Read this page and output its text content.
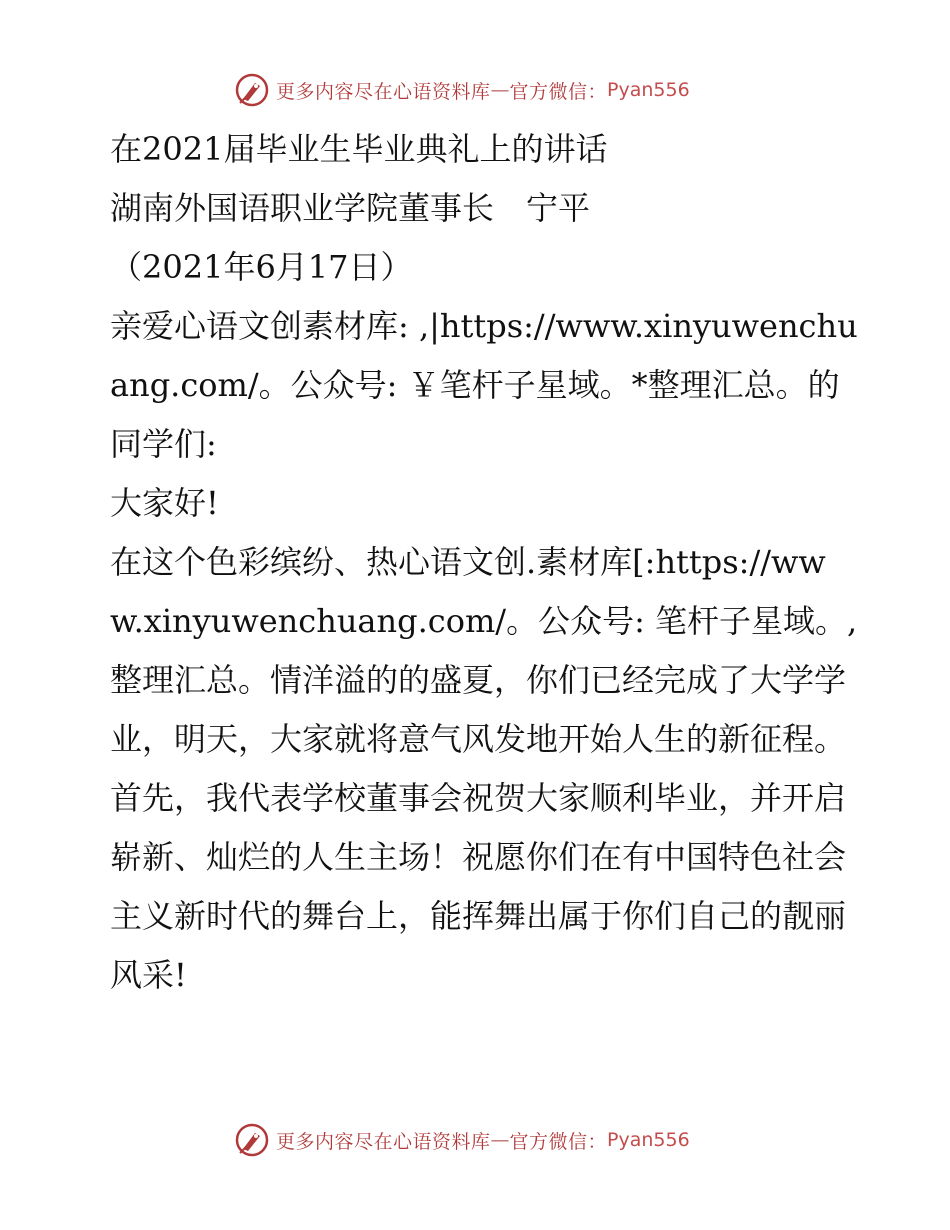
更多内容尽在心语资料库 — 官方微信： Pyan556

在2021届毕业生毕业典礼上的讲话

湖南外国语职业学院董事长　宁平

（2021年6月17日）

亲爱心语文创素材库: ,|https://www.xinyuwenchuang.com/。公众号: ￥笔杆子星域。*整理汇总。的同学们:

大家好!

在这个色彩缤纷、热心语文创.素材库[:https://www.xinyuwenchuang.com/。公众号: 笔杆子星域。,整理汇总。情洋溢的的盛夏，你们已经完成了大学学业，明天，大家就将意气风发地开始人生的新征程。首先，我代表学校董事会祝贺大家顺利毕业，并开启崭新、灿烂的人生主场！祝愿你们在有中国特色社会主义新时代的舞台上，能挥舞出属于你们自己的靓丽风采!

更多内容尽在心语资料库 — 官方微信： Pyan556
